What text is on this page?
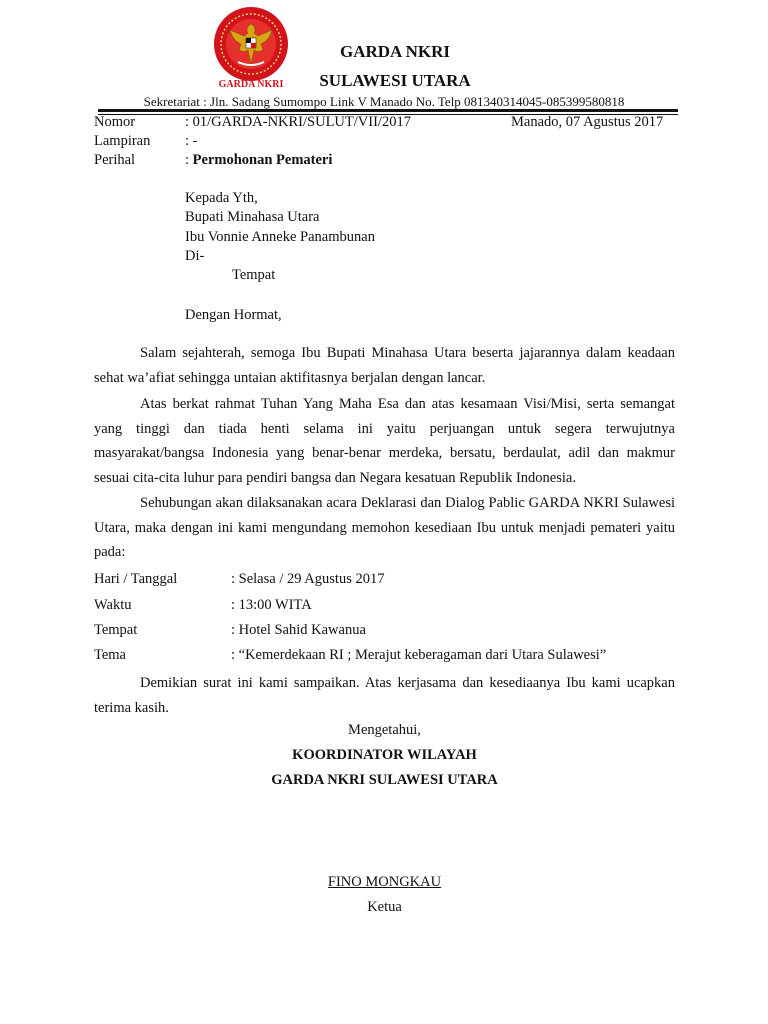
GARDA NKRI
GARDA NKRI
SULAWESI UTARA
Sekretariat : Jln. Sadang Sumompo Link V Manado No. Telp 081340314045-085399580818
Nomor	: 01/GARDA-NKRI/SULUT/VII/2017	Manado, 07 Agustus 2017
Lampiran : -
Perihal	: Permohonan Pemateri
Kepada Yth,
Bupati Minahasa Utara
Ibu Vonnie Anneke Panambunan
Di-
Tempat
Dengan Hormat,

Salam sejahterah, semoga Ibu Bupati Minahasa Utara beserta jajarannya dalam keadaan sehat wa’afiat sehingga untaian aktifitasnya berjalan dengan lancar.

Atas berkat rahmat Tuhan Yang Maha Esa dan atas kesamaan Visi/Misi, serta semangat yang tinggi dan tiada henti selama ini yaitu perjuangan untuk segera terwujutnya masyarakat/bangsa Indonesia yang benar-benar merdeka, bersatu, berdaulat, adil dan makmur sesuai cita-cita luhur para pendiri bangsa dan Negara kesatuan Republik Indonesia.

Sehubungan akan dilaksanakan acara Deklarasi dan Dialog Pablic GARDA NKRI Sulawesi Utara, maka dengan ini kami mengundang memohon kesediaan Ibu untuk menjadi pemateri yaitu pada:

Hari / Tanggal	: Selasa / 29 Agustus 2017
Waktu	: 13:00 WITA
Tempat	: Hotel Sahid Kawanua
Tema	: “Kemerdekaan RI ; Merajut keberagaman dari Utara Sulawesi”

Demikian surat ini kami sampaikan. Atas kerjasama dan kesediaanya Ibu kami ucapkan terima kasih.

Mengetahui,
KOORDINATOR WILAYAH
GARDA NKRI SULAWESI UTARA
FINO MONGKAU
Ketua
